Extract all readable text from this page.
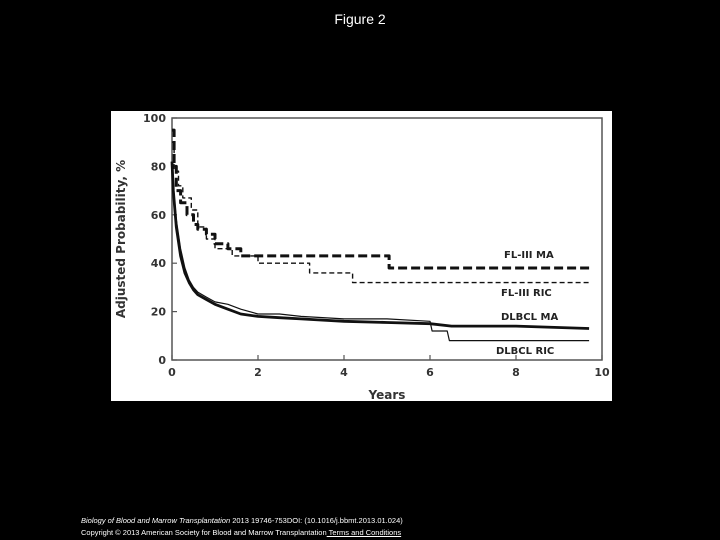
Figure 2
0
20
40
60
80
100
0	2	4	6	8	10
FL-III MA
FL-III RIC
DLBCL MA
DLBCL RIC
Years
Adjusted Probability, %
Biology of Blood and Marrow Transplantation 2013 19746-753DOI: (10.1016/j.bbmt.2013.01.024)
Copyright © 2013 American Society for Blood and Marrow Transplantation Terms and Conditions
